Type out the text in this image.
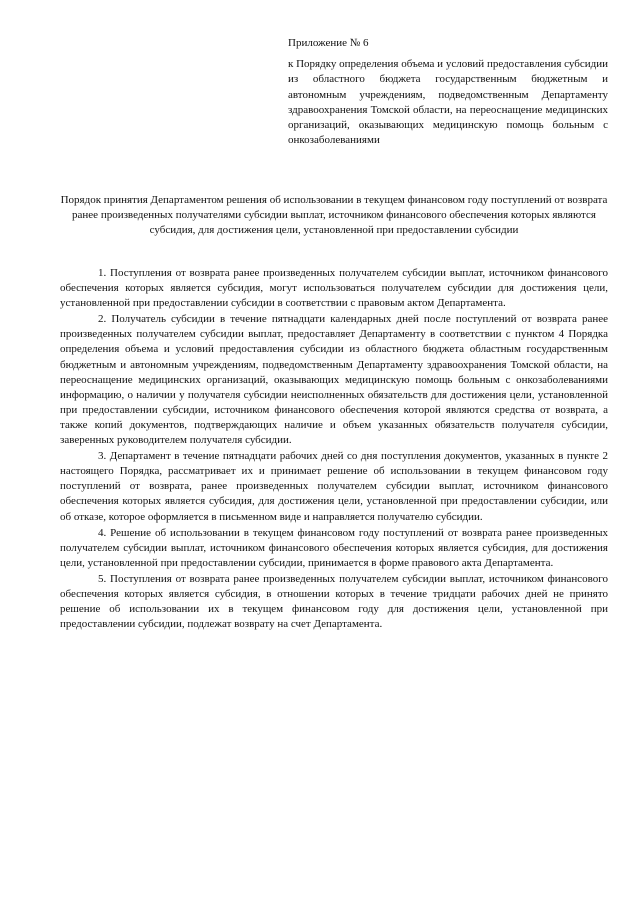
Приложение № 6
к Порядку определения объема и условий предоставления субсидии из областного бюджета государственным бюджетным и автономным учреждениям, подведомственным Департаменту здравоохранения Томской области, на переоснащение медицинских организаций, оказывающих медицинскую помощь больным с онкозаболеваниями
Порядок принятия Департаментом решения об использовании в текущем финансовом году поступлений от возврата ранее произведенных получателями субсидии выплат, источником финансового обеспечения которых являются субсидия, для достижения цели, установленной при предоставлении субсидии

1. Поступления от возврата ранее произведенных получателем субсидии выплат, источником финансового обеспечения которых является субсидия, могут использоваться получателем субсидии для достижения цели, установленной при предоставлении субсидии в соответствии с правовым актом Департамента.

2. Получатель субсидии в течение пятнадцати календарных дней после поступлений от возврата ранее произведенных получателем субсидии выплат, предоставляет Департаменту в соответствии с пунктом 4 Порядка определения объема и условий предоставления субсидии из областного бюджета областным государственным бюджетным и автономным учреждениям, подведомственным Департаменту здравоохранения Томской области, на переоснащение медицинских организаций, оказывающих медицинскую помощь больным с онкозаболеваниями информацию, о наличии у получателя субсидии неисполненных обязательств для достижения цели, установленной при предоставлении субсидии, источником финансового обеспечения которой являются средства от возврата, а также копий документов, подтверждающих наличие и объем указанных обязательств получателя субсидии, заверенных руководителем получателя субсидии.

3. Департамент в течение пятнадцати рабочих дней со дня поступления документов, указанных в пункте 2 настоящего Порядка, рассматривает их и принимает решение об использовании в текущем финансовом году поступлений от возврата, ранее произведенных получателем субсидии выплат, источником финансового обеспечения которых является субсидия, для достижения цели, установленной при предоставлении субсидии, или об отказе, которое оформляется в письменном виде и направляется получателю субсидии.

4. Решение об использовании в текущем финансовом году поступлений от возврата ранее произведенных получателем субсидии выплат, источником финансового обеспечения которых является субсидия, для достижения цели, установленной при предоставлении субсидии, принимается в форме правового акта Департамента.

5. Поступления от возврата ранее произведенных получателем субсидии выплат, источником финансового обеспечения которых является субсидия, в отношении которых в течение тридцати рабочих дней не принято решение об использовании их в текущем финансовом году для достижения цели, установленной при предоставлении субсидии, подлежат возврату на счет Департамента.
